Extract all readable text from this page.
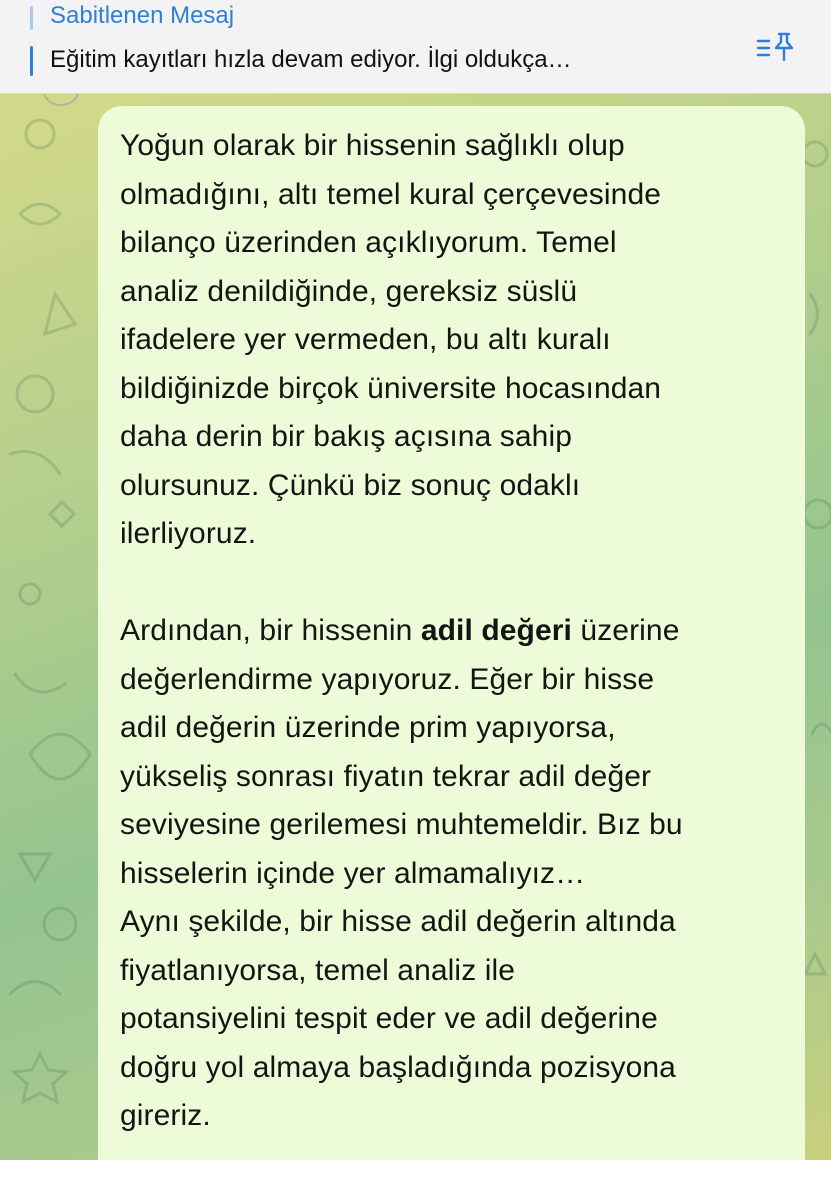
Sabitlenen Mesaj
Eğitim kayıtları hızla devam ediyor. İlgi oldukça…

Yoğun olarak bir hissenin sağlıklı olup

olmadığını, altı temel kural çerçevesinde

bilanço üzerinden açıklıyorum. Temel

analiz denildiğinde, gereksiz süslü

ifadelere yer vermeden, bu altı kuralı

bildiğinizde birçok üniversite hocasından

daha derin bir bakış açısına sahip

olursunuz. Çünkü biz sonuç odaklı

ilerliyoruz.

Ardından, bir hissenin adil değeri üzerine

değerlendirme yapıyoruz. Eğer bir hisse

adil değerin üzerinde prim yapıyorsa,

yükseliş sonrası fiyatın tekrar adil değer

seviyesine gerilemesi muhtemeldir. Bız bu

hisselerin içinde yer almamalıyız…

Aynı şekilde, bir hisse adil değerin altında

fiyatlanıyorsa, temel analiz ile

potansiyelini tespit eder ve adil değerine

doğru yol almaya başladığında pozisyona

gireriz.
